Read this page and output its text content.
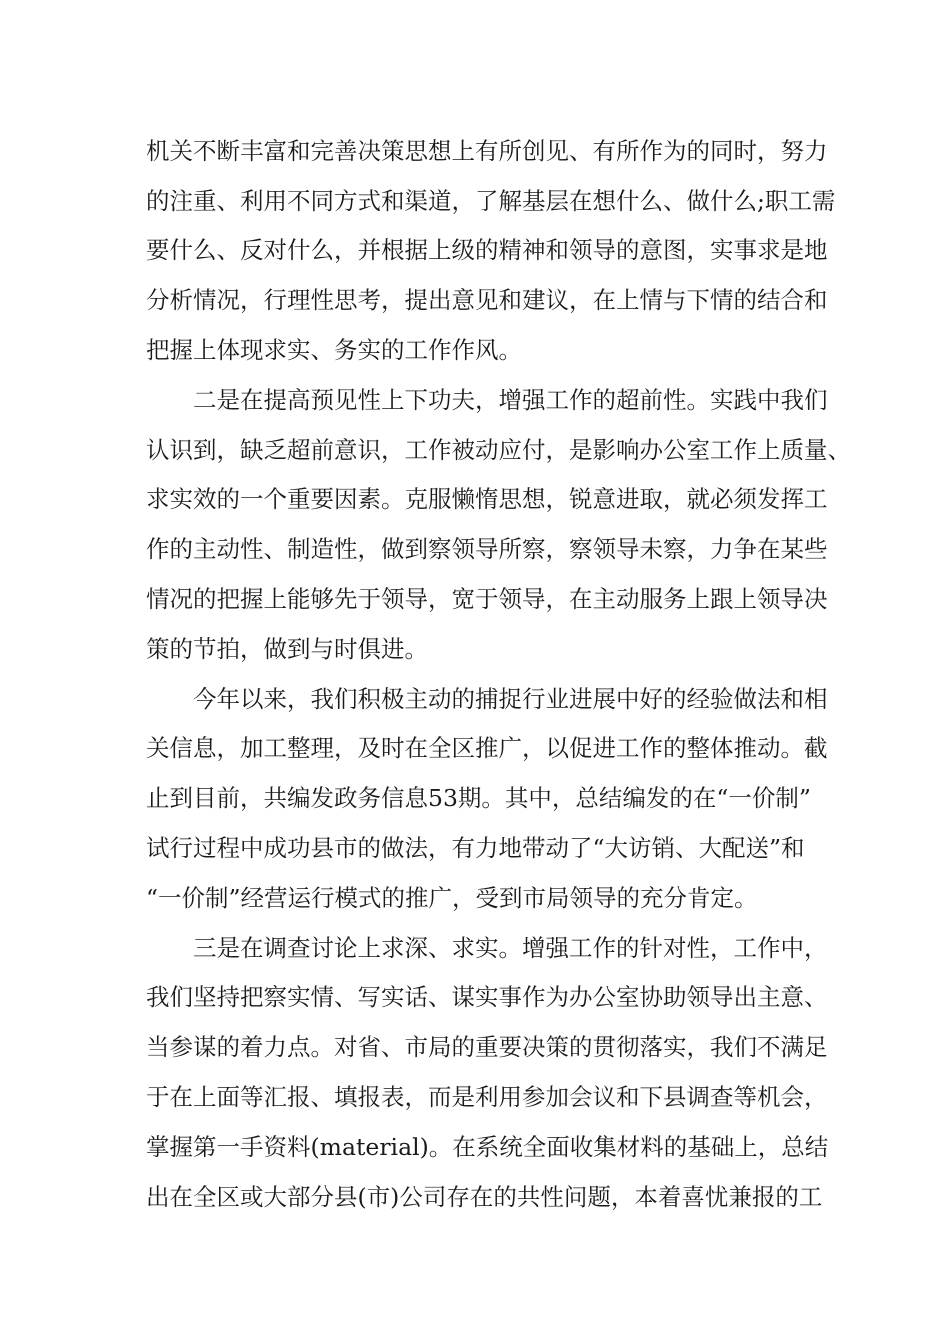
机关不断丰富和完善决策思想上有所创见、有所作为的同时，努力
的注重、利用不同方式和渠道，了解基层在想什么、做什么;职工需
要什么、反对什么，并根据上级的精神和领导的意图，实事求是地
分析情况，行理性思考，提出意见和建议，在上情与下情的结合和
把握上体现求实、务实的工作作风。
　　二是在提高预见性上下功夫，增强工作的超前性。实践中我们
认识到，缺乏超前意识，工作被动应付，是影响办公室工作上质量、
求实效的一个重要因素。克服懒惰思想，锐意进取，就必须发挥工
作的主动性、制造性，做到察领导所察，察领导未察，力争在某些
情况的把握上能够先于领导，宽于领导，在主动服务上跟上领导决
策的节拍，做到与时俱进。
　　今年以来，我们积极主动的捕捉行业进展中好的经验做法和相
关信息，加工整理，及时在全区推广，以促进工作的整体推动。截
止到目前，共编发政务信息53期。其中，总结编发的在“一价制”
试行过程中成功县市的做法，有力地带动了“大访销、大配送”和
“一价制”经营运行模式的推广，受到市局领导的充分肯定。
　　三是在调查讨论上求深、求实。增强工作的针对性，工作中，
我们坚持把察实情、写实话、谋实事作为办公室协助领导出主意、
当参谋的着力点。对省、市局的重要决策的贯彻落实，我们不满足
于在上面等汇报、填报表，而是利用参加会议和下县调查等机会，
掌握第一手资料(material)。在系统全面收集材料的基础上，总结
出在全区或大部分县(市)公司存在的共性问题，本着喜忧兼报的工
